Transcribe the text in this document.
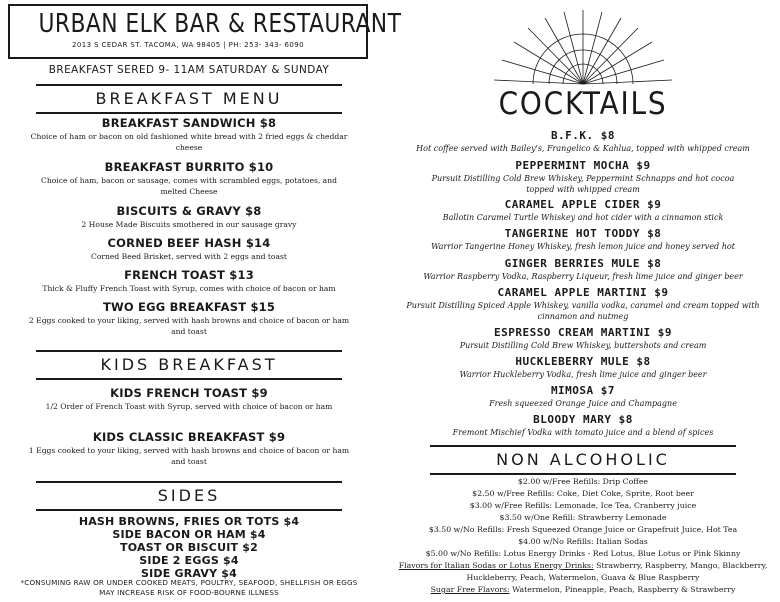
URBAN ELK BAR & RESTAURANT
2013 S CEDAR ST. TACOMA, WA 98405 | PH: 253- 343- 6090
BREAKFAST SERED 9- 11AM SATURDAY & SUNDAY
BREAKFAST MENU
BREAKFAST SANDWICH $8
Choice of ham or bacon on old fashioned white bread with 2 fried eggs & cheddar cheese
BREAKFAST BURRITO $10
Choice of ham, bacon or sausage, comes with scrambled eggs, potatoes, and melted Cheese
BISCUITS & GRAVY $8
2 House Made Biscuits smothered in our sausage gravy
CORNED BEEF HASH $14
Corned Beed Brisket, served with 2 eggs and toast
FRENCH TOAST $13
Thick & Fluffy French Toast with Syrup, comes with choice of bacon or ham
TWO EGG BREAKFAST $15
2 Eggs cooked to your liking, served with hash browns and choice of bacon or ham and toast
KIDS BREAKFAST
KIDS FRENCH TOAST $9
1/2 Order of French Toast with Syrup, served with choice of bacon or ham
KIDS CLASSIC BREAKFAST $9
1 Eggs cooked to your liking, served with hash browns and choice of bacon or ham and toast
SIDES
HASH BROWNS, FRIES OR TOTS $4
SIDE BACON OR HAM $4
TOAST OR BISCUIT $2
SIDE 2 EGGS $4
SIDE GRAVY $4
*CONSUMING RAW OR UNDER COOKED MEATS, POULTRY, SEAFOOD, SHELLFISH OR EGGS MAY INCREASE RISK OF FOOD-BOURNE ILLNESS
COCKTAILS
B.F.K. $8
Hot coffee served with Bailey's, Frangelico & Kahlua, topped with whipped cream
PEPPERMINT MOCHA $9
Pursuit Distilling Cold Brew Whiskey, Peppermint Schnapps and hot cocoa topped with whipped cream
CARAMEL APPLE CIDER $9
Ballotin Caramel Turtle Whiskey and hot cider with a cinnamon stick
TANGERINE HOT TODDY $8
Warrior Tangerine Honey Whiskey, fresh lemon juice and honey served hot
GINGER BERRIES MULE $8
Warrior Raspberry Vodka, Raspberry Liqueur, fresh lime juice and ginger beer
CARAMEL APPLE MARTINI $9
Pursuit Distilling Spiced Apple Whiskey, vanilla vodka, caramel and cream topped with cinnamon and nutmeg
ESPRESSO CREAM MARTINI $9
Pursuit Distilling Cold Brew Whiskey, buttershots and cream
HUCKLEBERRY MULE $8
Warrior Huckleberry Vodka, fresh lime juice and ginger beer
MIMOSA $7
Fresh squeezed Orange Juice and Champagne
BLOODY MARY $8
Fremont Mischief Vodka with tomato juice and a blend of spices
NON ALCOHOLIC
$2.00 w/Free Refills: Drip Coffee
$2.50 w/Free Refills: Coke, Diet Coke, Sprite, Root beer
$3.00 w/Free Refills: Lemonade, Ice Tea, Cranberry juice
$3.50 w/One Refill: Strawberry Lemonade
$3.50 w/No Refills: Fresh Squeezed Orange Juice or Grapefruit Juice, Hot Tea
$4.00 w/No Refills: Italian Sodas
$5.00 w/No Refills: Lotus Energy Drinks - Red Lotus, Blue Lotus or Pink Skinny
Flavors for Italian Sodas or Lotus Energy Drinks: Strawberry, Raspberry, Mango, Blackberry, Huckleberry, Peach, Watermelon, Guava & Blue Raspberry
Sugar Free Flavors: Watermelon, Pineapple, Peach, Raspberry & Strawberry
